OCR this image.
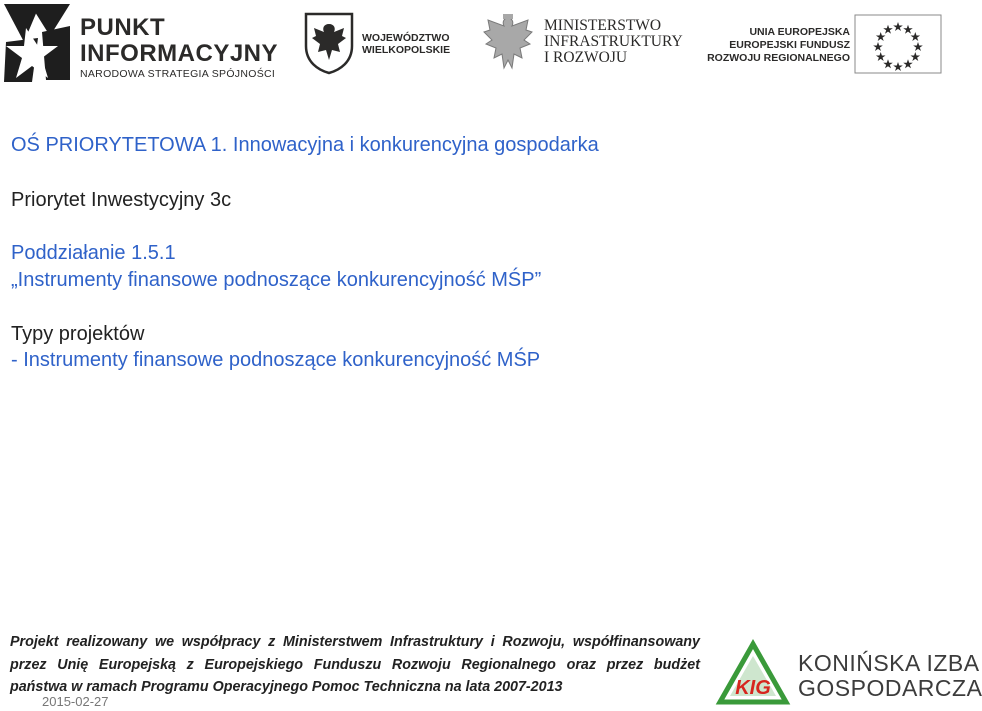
PUNKT
INFORMACYJNY
NARODOWA STRATEGIA SPÓJNOŚCI
WOJEWÓDZTWO
WIELKOPOLSKIE
MINISTERSTWO
INFRASTRUKTURY
I ROZWOJU
UNIA EUROPEJSKA
EUROPEJSKI FUNDUSZ
ROZWOJU REGIONALNEGO
OŚ PRIORYTETOWA 1. Innowacyjna i konkurencyjna gospodarka
Priorytet Inwestycyjny 3c
Poddziałanie 1.5.1
„Instrumenty finansowe podnoszące konkurencyjność MŚP”
Typy projektów
- Instrumenty finansowe podnoszące konkurencyjność MŚP
Projekt realizowany we współpracy z Ministerstwem Infrastruktury i Rozwoju, współfinansowany
przez Unię Europejską z Europejskiego Funduszu Rozwoju Regionalnego oraz przez budżet
państwa w ramach Programu Operacyjnego Pomoc Techniczna na lata 2007-2013
2015-02-27
KIG
KONIŃSKA IZBA
GOSPODARCZA
